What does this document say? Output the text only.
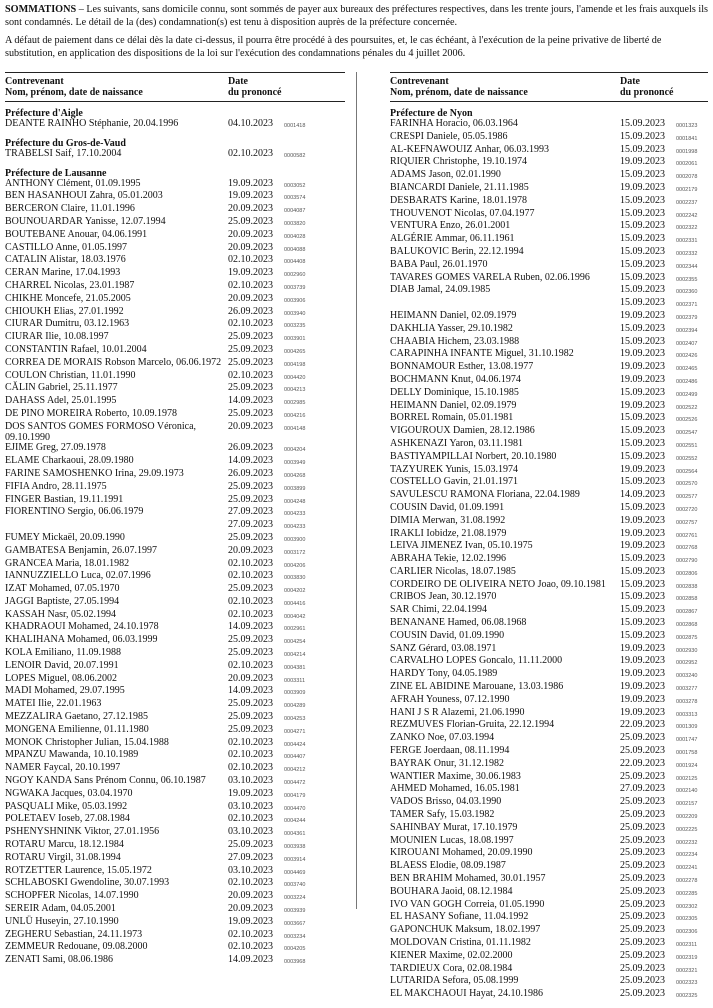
SOMMATIONS – Les suivants, sans domicile connu, sont sommés de payer aux bureaux des préfectures respectives, dans les trente jours, l'amende et les frais auxquels ils sont condamnés. Le détail de la (des) condamnation(s) est tenu à disposition auprès de la préfecture concernée.

A défaut de paiement dans ce délai dès la date ci-dessus, il pourra être procédé à des poursuites, et, le cas échéant, à l'exécution de la peine privative de liberté de substitution, en application des dispositions de la loi sur l'exécution des condamnations pénales du 4 juillet 2006.

Contrevenant
Nom, prénom, date de naissance
Date
du prononcé
Préfecture d'Aigle
DEANTE RAINHO Stéphanie, 20.04.1996	04.10.2023	0001418
Préfecture du Gros-de-Vaud
TRABELSI Saif, 17.10.2004	02.10.2023	0000582
Préfecture de Lausanne
ANTHONY Clément, 01.09.1995	19.09.2023	0003052
BEN HASANHOUI Zahra, 05.01.2003	19.09.2023	0003574
BERCERON Claire, 11.01.1996	20.09.2023	0004087
BOUNOUARDAR Yanisse, 12.07.1994	25.09.2023	0003820
BOUTEBANE Anouar, 04.06.1991	20.09.2023	0004028
CASTILLO Anne, 01.05.1997	20.09.2023	0004088
CATALIN Alistar, 18.03.1976	02.10.2023	0004408
CERAN Marine, 17.04.1993	19.09.2023	0002960
CHARREL Nicolas, 23.01.1987	02.10.2023	0003739
CHIKHE Moncefe, 21.05.2005	20.09.2023	0003906
CHIOUKH Elias, 27.01.1992	26.09.2023	0003940
CIURAR Dumitru, 03.12.1963	02.10.2023	0003235
CIURAR Ilie, 10.08.1997	25.09.2023	0003901
CONSTANTIN Rafael, 10.01.2004	25.09.2023	0004265
CORREA DE MORAIS Robson Marcelo, 06.06.1972 25.09.2023	0004198
COULON Christian, 11.01.1990	02.10.2023	0004420
CĂLIN Gabriel, 25.11.1977	25.09.2023	0004213
DAHASS Adel, 25.01.1995	14.09.2023	0002985
DE PINO MOREIRA Roberto, 10.09.1978	25.09.2023	0004216
DOS SANTOS GOMES FORMOSO Véronica, 09.10.1990
20.09.2023	0004148
EJIME Greg, 27.09.1978	26.09.2023	0004204
ELAME Charkaoui, 28.09.1980	14.09.2023	0003949
FARINE SAMOSHENKO Irina, 29.09.1973	26.09.2023	0004268
FIFIA Andro, 28.11.1975	25.09.2023	0003899
FINGER Bastian, 19.11.1991	25.09.2023	0004248
FIORENTINO Sergio, 06.06.1979	27.09.2023	0004233
27.09.2023	0004233
FUMEY Mickaël, 20.09.1990	25.09.2023	0003900
GAMBATESA Benjamin, 26.07.1997	20.09.2023	0003172
GRANCEA Maria, 18.01.1982	02.10.2023	0004206
IANNUZZIELLO Luca, 02.07.1996	02.10.2023	0003830
IZAT Mohamed, 07.05.1970	25.09.2023	0004202
JAGGI Baptiste, 27.05.1994	02.10.2023	0004416
KASSAH Nasr, 05.02.1994	02.10.2023	0004042
KHADRAOUI Mohamed, 24.10.1978	14.09.2023	0002961
KHALIHANA Mohamed, 06.03.1999	25.09.2023	0004254
KOLA Emiliano, 11.09.1988	25.09.2023	0004214
LENOIR David, 20.07.1991	02.10.2023	0004381
LOPES Miguel, 08.06.2002	20.09.2023	0003311
MADI Mohamed, 29.07.1995	14.09.2023	0003909
MATEI Ilie, 22.01.1963	25.09.2023	0004289
MEZZALIRA Gaetano, 27.12.1985	25.09.2023	0004253
MONGENA Emilienne, 01.11.1980	25.09.2023	0004271
MONOK Christopher Julian, 15.04.1988	02.10.2023	0004424
MPANZU Mawanda, 10.10.1989	02.10.2023	0004407
NAMER Faycal, 20.10.1997	02.10.2023	0004212
NGOY KANDA Sans Prénom Connu, 06.10.1987	03.10.2023	0004472
NGWAKA Jacques, 03.04.1970	19.09.2023	0004179
PASQUALI Mike, 05.03.1992	03.10.2023	0004470
POLETAEV Ioseb, 27.08.1984	02.10.2023	0004244
PSHENYSHNINK Viktor, 27.01.1956	03.10.2023	0004361
ROTARU Marcu, 18.12.1984	25.09.2023	0003938
ROTARU Virgil, 31.08.1994	27.09.2023	0003914
ROTZETTER Laurence, 15.05.1972	03.10.2023	0004469
SCHLABOSKI Gwendoline, 30.07.1993	02.10.2023	0003740
SCHOPFER Nicolas, 14.07.1990	20.09.2023	0003224
SEREIR Adam, 04.05.2001	20.09.2023	0003939
UNLÜ Huseyin, 27.10.1990	19.09.2023	0003667
ZEGHERU Sebastian, 24.11.1973	02.10.2023	0003234
ZEMMEUR Redouane, 09.08.2000	02.10.2023	0004205
ZENATI Sami, 08.06.1986	14.09.2023	0003968
Contrevenant
Nom, prénom, date de naissance
Date
du prononcé
Préfecture de Nyon
FARINHA Horacio, 06.03.1964	15.09.2023	0001323
CRESPI Daniele, 05.05.1986	15.09.2023	0001841
AL-KEFNAWOUIZ Anhar, 06.03.1993	15.09.2023	0001998
RIQUIER Christophe, 19.10.1974	19.09.2023	0002061
ADAMS Jason, 02.01.1990	15.09.2023	0002078
BIANCARDI Daniele, 21.11.1985	19.09.2023	0002179
DESBARATS Karine, 18.01.1978	15.09.2023	0002237
THOUVENOT Nicolas, 07.04.1977	15.09.2023	0002242
VENTURA Enzo, 26.01.2001	15.09.2023	0002322
ALGÉRIE Ammar, 06.11.1961	15.09.2023	0002331
BALUKOVIC Berin, 22.12.1994	15.09.2023	0002332
BABA Paul, 26.01.1970	15.09.2023	0002344
TAVARES GOMES VARELA Ruben, 02.06.1996	15.09.2023	0002355
DIAB Jamal, 24.09.1985	15.09.2023	0002360
15.09.2023	0002371
HEIMANN Daniel, 02.09.1979	19.09.2023	0002379
DAKHLIA Yasser, 29.10.1982	15.09.2023	0002394
CHAABIA Hichem, 23.03.1988	15.09.2023	0002407
CARAPINHA INFANTE Miguel, 31.10.1982	19.09.2023	0002426
BONNAMOUR Esther, 13.08.1977	19.09.2023	0002465
BOCHMANN Knut, 04.06.1974	19.09.2023	0002486
DELLY Dominique, 15.10.1985	15.09.2023	0002499
HEIMANN Daniel, 02.09.1979	19.09.2023	0002522
BORREL Romain, 05.01.1981	15.09.2023	0002526
VIGOUROUX Damien, 28.12.1986	15.09.2023	0002547
ASHKENAZI Yaron, 03.11.1981	15.09.2023	0002551
BASTIYAMPILLAI Norbert, 20.10.1980	15.09.2023	0002552
TAZYUREK Yunis, 15.03.1974	19.09.2023	0002564
COSTELLO Gavin, 21.01.1971	15.09.2023	0002570
SAVULESCU RAMONA Floriana, 22.04.1989	14.09.2023	0002577
COUSIN David, 01.09.1991	15.09.2023	0002720
DIMIA Merwan, 31.08.1992	19.09.2023	0002757
IRAKLI Iobidze, 21.08.1979	19.09.2023	0002761
LEIVA JIMENEZ Ivan, 05.10.1975	19.09.2023	0002768
ABRAHA Tekie, 12.02.1996	15.09.2023	0002790
CARLIER Nicolas, 18.07.1985	15.09.2023	0002806
CORDEIRO DE OLIVEIRA NETO Joao, 09.10.1981	15.09.2023	0002838
CRIBOS Jean, 30.12.1970	15.09.2023	0002858
SAR Chimi, 22.04.1994	15.09.2023	0002867
BENANANE Hamed, 06.08.1968	15.09.2023	0002868
COUSIN David, 01.09.1990	15.09.2023	0002875
SANZ Gérard, 03.08.1971	19.09.2023	0002930
CARVALHO LOPES Goncalo, 11.11.2000	19.09.2023	0002952
HARDY Tony, 04.05.1989	19.09.2023	0003240
ZINE EL ABIDINE Marouane, 13.03.1986	19.09.2023	0003277
AFRAH Youness, 07.12.1990	19.09.2023	0003278
HANI J S R Alazemi, 21.06.1990	19.09.2023	0003313
REZMUVES Florian-Gruita, 22.12.1994	22.09.2023	0001309
ZANKO Noe, 07.03.1994	25.09.2023	0001747
FERGE Joerdaan, 08.11.1994	25.09.2023	0001758
BAYRAK Onur, 31.12.1982	22.09.2023	0001924
WANTIER Maxime, 30.06.1983	25.09.2023	0002125
AHMED Mohamed, 16.05.1981	27.09.2023	0002140
VADOS Brisso, 04.03.1990	25.09.2023	0002157
TAMER Safy, 15.03.1982	25.09.2023	0002209
SAHINBAY Murat, 17.10.1979	25.09.2023	0002225
MOUNIEN Lucas, 18.08.1997	25.09.2023	0002232
KIROUANI Mohamed, 20.09.1990	25.09.2023	0002234
BLAESS Elodie, 08.09.1987	25.09.2023	0002241
BEN BRAHIM Mohamed, 30.01.1957	25.09.2023	0002278
BOUHARA Jaoid, 08.12.1984	25.09.2023	0002285
IVO VAN GOGH Correia, 01.05.1990	25.09.2023	0002302
EL HASANY Sofiane, 11.04.1992	25.09.2023	0002305
GAPONCHUK Maksum, 18.02.1997	25.09.2023	0002306
MOLDOVAN Cristina, 01.11.1982	25.09.2023	0002311
KIENER Maxime, 02.02.2000	25.09.2023	0002319
TARDIEUX Cora, 02.08.1984	25.09.2023	0002321
LUTARIDA Sefora, 05.08.1999	25.09.2023	0002323
EL MAKCHAOUI Hayat, 24.10.1986	25.09.2023	0002325
